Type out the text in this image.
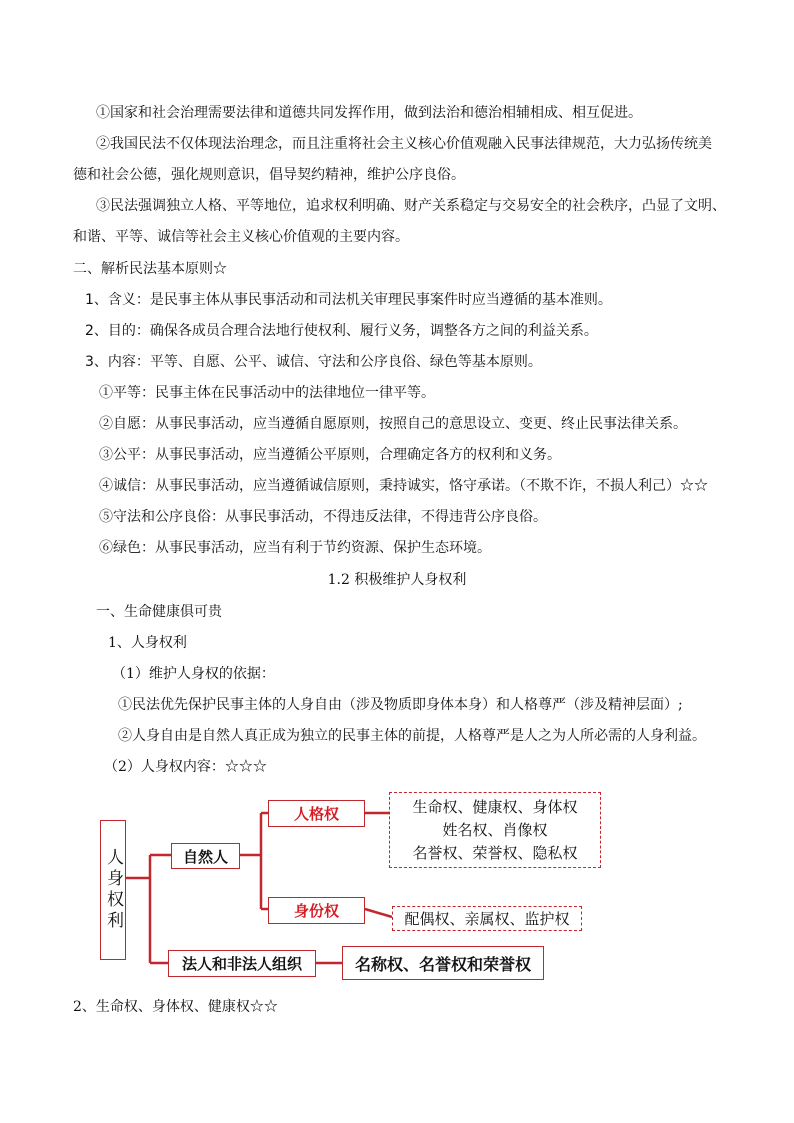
①国家和社会治理需要法律和道德共同发挥作用，做到法治和德治相辅相成、相互促进。
②我国民法不仅体现法治理念，而且注重将社会主义核心价值观融入民事法律规范，大力弘扬传统美
德和社会公德，强化规则意识，倡导契约精神，维护公序良俗。
③民法强调独立人格、平等地位，追求权利明确、财产关系稳定与交易安全的社会秩序，凸显了文明、
和谐、平等、诚信等社会主义核心价值观的主要内容。
二、解析民法基本原则☆
1、含义：是民事主体从事民事活动和司法机关审理民事案件时应当遵循的基本准则。
2、目的：确保各成员合理合法地行使权利、履行义务，调整各方之间的利益关系。
3、内容：平等、自愿、公平、诚信、守法和公序良俗、绿色等基本原则。
①平等：民事主体在民事活动中的法律地位一律平等。
②自愿：从事民事活动，应当遵循自愿原则，按照自己的意思设立、变更、终止民事法律关系。
③公平：从事民事活动，应当遵循公平原则，合理确定各方的权利和义务。
④诚信：从事民事活动，应当遵循诚信原则，秉持诚实，恪守承诺。（不欺不诈，不损人利己）☆☆
⑤守法和公序良俗：从事民事活动，不得违反法律，不得违背公序良俗。
⑥绿色：从事民事活动，应当有利于节约资源、保护生态环境。
1.2 积极维护人身权利
一、生命健康俱可贵
1、人身权利
（1）维护人身权的依据：
①民法优先保护民事主体的人身自由（涉及物质即身体本身）和人格尊严（涉及精神层面）;
②人身自由是自然人真正成为独立的民事主体的前提，人格尊严是人之为人所必需的人身利益。
（2）人身权内容：☆☆☆
人身权利	自然人
人格权	生命权、健康权、身体权
姓名权、肖像权
名誉权、荣誉权、隐私权
身份权	配偶权、亲属权、监护权
法人和非法人组织	名称权、名誉权和荣誉权
2、生命权、身体权、健康权☆☆
